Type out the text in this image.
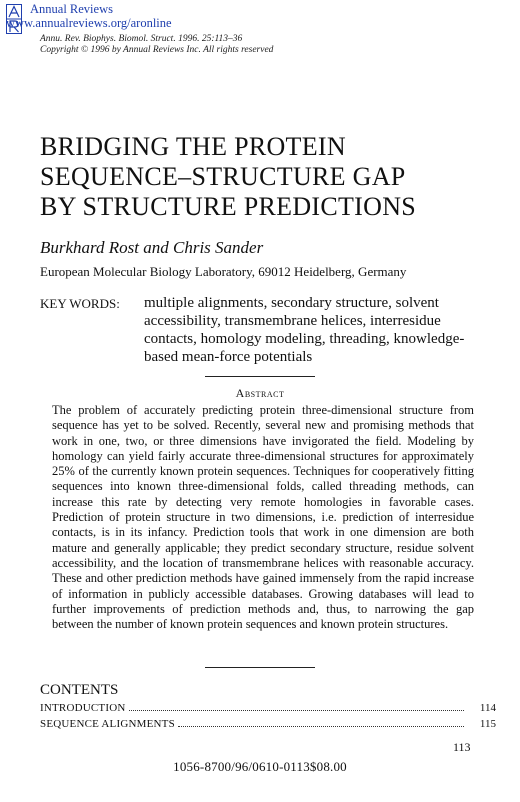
Annual Reviews
www.annualreviews.org/aronline
Annu. Rev. Biophys. Biomol. Struct. 1996. 25:113–36
Copyright © 1996 by Annual Reviews Inc. All rights reserved
BRIDGING THE PROTEIN
SEQUENCE–STRUCTURE GAP
BY STRUCTURE PREDICTIONS
Burkhard Rost and Chris Sander
European Molecular Biology Laboratory, 69012 Heidelberg, Germany
KEY WORDS: multiple alignments, secondary structure, solvent accessibility, transmembrane helices, interresidue contacts, homology modeling, threading, knowledge-based mean-force potentials
Abstract
The problem of accurately predicting protein three-dimensional structure from sequence has yet to be solved. Recently, several new and promising methods that work in one, two, or three dimensions have invigorated the field. Modeling by homology can yield fairly accurate three-dimensional structures for approximately 25% of the currently known protein sequences. Techniques for cooperatively fitting sequences into known three-dimensional folds, called threading methods, can increase this rate by detecting very remote homologies in favorable cases. Prediction of protein structure in two dimensions, i.e. prediction of interresidue contacts, is in its infancy. Prediction tools that work in one dimension are both mature and generally applicable; they predict secondary structure, residue solvent accessibility, and the location of transmembrane helices with reasonable accuracy. These and other prediction methods have gained immensely from the rapid increase of information in publicly accessible databases. Growing databases will lead to further improvements of prediction methods and, thus, to narrowing the gap between the number of known protein sequences and known protein structures.
CONTENTS
INTRODUCTION	114
SEQUENCE ALIGNMENTS	115
113
1056-8700/96/0610-0113$08.00
